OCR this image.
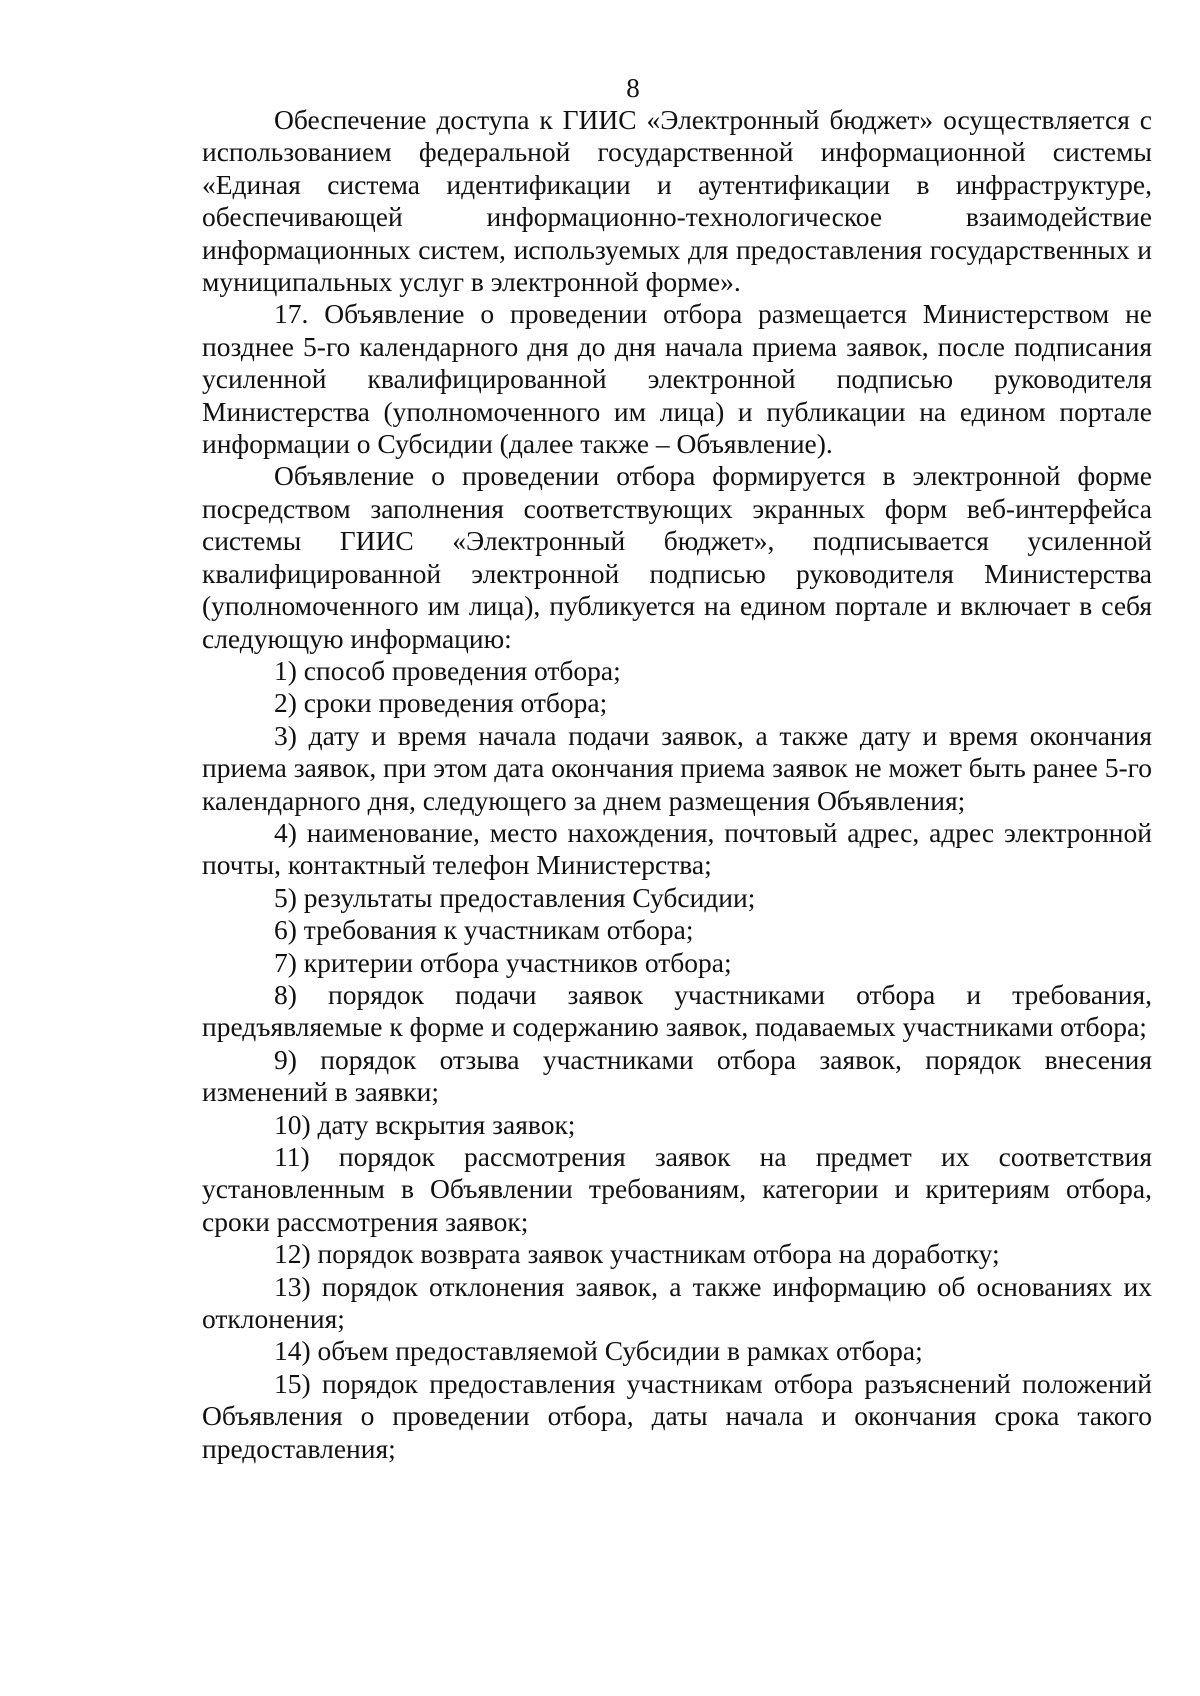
8

Обеспечение доступа к ГИИС «Электронный бюджет» осуществляется с использованием федеральной государственной информационной системы «Единая система идентификации и аутентификации в инфраструктуре, обеспечивающей информационно-технологическое взаимодействие информационных систем, используемых для предоставления государственных и муниципальных услуг в электронной форме».

17. Объявление о проведении отбора размещается Министерством не позднее 5-го календарного дня до дня начала приема заявок, после подписания усиленной квалифицированной электронной подписью руководителя Министерства (уполномоченного им лица) и публикации на едином портале информации о Субсидии (далее также – Объявление).

Объявление о проведении отбора формируется в электронной форме посредством заполнения соответствующих экранных форм веб-интерфейса системы ГИИС «Электронный бюджет», подписывается усиленной квалифицированной электронной подписью руководителя Министерства (уполномоченного им лица), публикуется на едином портале и включает в себя следующую информацию:

1) способ проведения отбора;

2) сроки проведения отбора;

3) дату и время начала подачи заявок, а также дату и время окончания приема заявок, при этом дата окончания приема заявок не может быть ранее 5-го календарного дня, следующего за днем размещения Объявления;

4) наименование, место нахождения, почтовый адрес, адрес электронной почты, контактный телефон Министерства;

5) результаты предоставления Субсидии;

6) требования к участникам отбора;

7) критерии отбора участников отбора;

8) порядок подачи заявок участниками отбора и требования, предъявляемые к форме и содержанию заявок, подаваемых участниками отбора;

9) порядок отзыва участниками отбора заявок, порядок внесения изменений в заявки;

10) дату вскрытия заявок;

11) порядок рассмотрения заявок на предмет их соответствия установленным в Объявлении требованиям, категории и критериям отбора, сроки рассмотрения заявок;

12) порядок возврата заявок участникам отбора на доработку;

13) порядок отклонения заявок, а также информацию об основаниях их отклонения;

14) объем предоставляемой Субсидии в рамках отбора;

15) порядок предоставления участникам отбора разъяснений положений Объявления о проведении отбора, даты начала и окончания срока такого предоставления;
